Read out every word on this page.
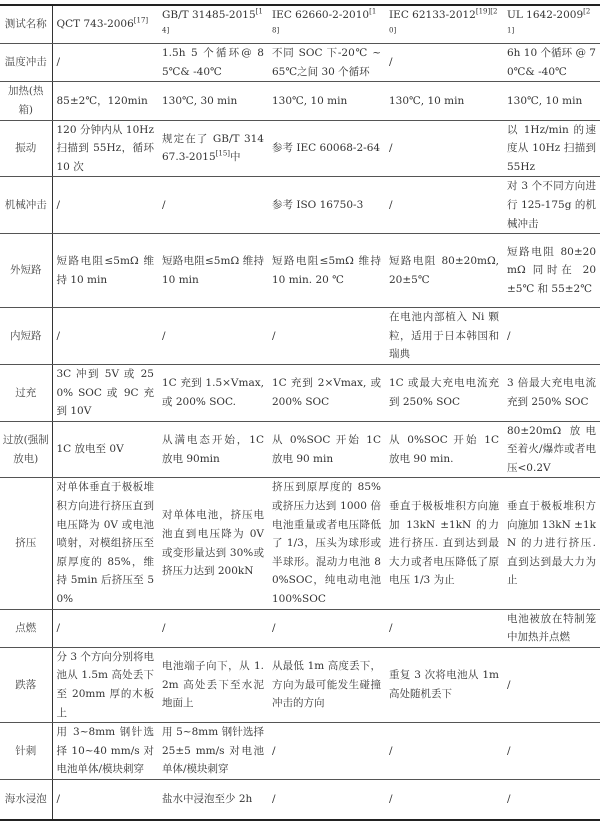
测试名称	QCT 743-2006[17]	GB/T 31485-2015[14]	IEC 62660-2-2010[18]	IEC 62133-2012[19][20]	UL 1642-2009[21]
温度冲击	/	1.5h 5 个循环@ 85℃& -40℃	不同 SOC 下-20℃ ~65℃之间 30 个循环	/	6h 10 个循环 @ 70℃& -40℃
加热(热箱)	85±2℃，120min	130℃, 30 min	130℃, 10 min	130℃, 10 min	130℃, 10 min
振动	120 分钟内从 10Hz 扫描到 55Hz，循环 10 次	规定在了 GB/T 31467.3-2015[15]中	参考 IEC 60068-2-64	/	以 1Hz/min 的速度从 10Hz 扫描到 55Hz
机械冲击	/	/	参考 ISO 16750-3	/	对 3 个不同方向进行 125-175g 的机械冲击
外短路	短路电阻≤5mΩ 维持 10 min	短路电阻≤5mΩ 维持 10 min	短路电阻≤5mΩ 维持 10 min. 20 ℃	短路电阻 80±20mΩ, 20±5℃	短路电阻 80±20mΩ 同时在 20±5℃ 和 55±2℃
内短路	/	/	/	在电池内部植入 Ni 颗粒，适用于日本韩国和瑞典	/
过充	3C 冲到 5V 或 250% SOC 或 9C 充到 10V	1C 充到 1.5×Vmax, 或 200% SOC.	1C 充到 2×Vmax, 或 200% SOC	1C 或最大充电电流充到 250% SOC	3 倍最大充电电流充到 250% SOC
过放(强制放电)	1C 放电至 0V	从满电态开始，1C 放电 90min	从 0%SOC 开始 1C 放电 90 min	从 0%SOC 开始 1C 放电 90 min.	80±20mΩ 放电至着火/爆炸或者电压<0.2V
挤压	对单体垂直于极板堆积方向进行挤压直到电压降为 0V 或电池喷射，对模组挤压至原厚度的 85%，维持 5min 后挤压至 50%	对单体电池，挤压电池直到电压降为 0V 或变形量达到 30%或挤压力达到 200kN	挤压到原厚度的 85% 或挤压力达到 1000 倍电池重量或者电压降低了 1/3，压头为球形或半球形。混动力电池 80%SOC，纯电动电池 100%SOC	垂直于极板堆积方向施加 13kN ±1kN 的力进行挤压. 直到达到最大力或者电压降低了原电压 1/3 为止	垂直于极板堆积方向施加 13kN ±1kN 的力进行挤压. 直到达到最大力为止
点燃	/	/	/	/	电池被放在特制笼中加热并点燃
跌落	分 3 个方向分别将电池从 1.5m 高处丢下至 20mm 厚的木板上	电池端子向下，从 1.2m 高处丢下至水泥地面上	从最低 1m 高度丢下，方向为最可能发生碰撞冲击的方向	重复 3 次将电池从 1m 高处随机丢下	/
针刺	用 3~8mm 钢针选择 10~40 mm/s 对电池单体/模块刺穿	用 5~8mm 钢针选择 25±5 mm/s 对电池单体/模块刺穿	/	/	/
海水浸泡	/	盐水中浸泡至少 2h	/	/	/
